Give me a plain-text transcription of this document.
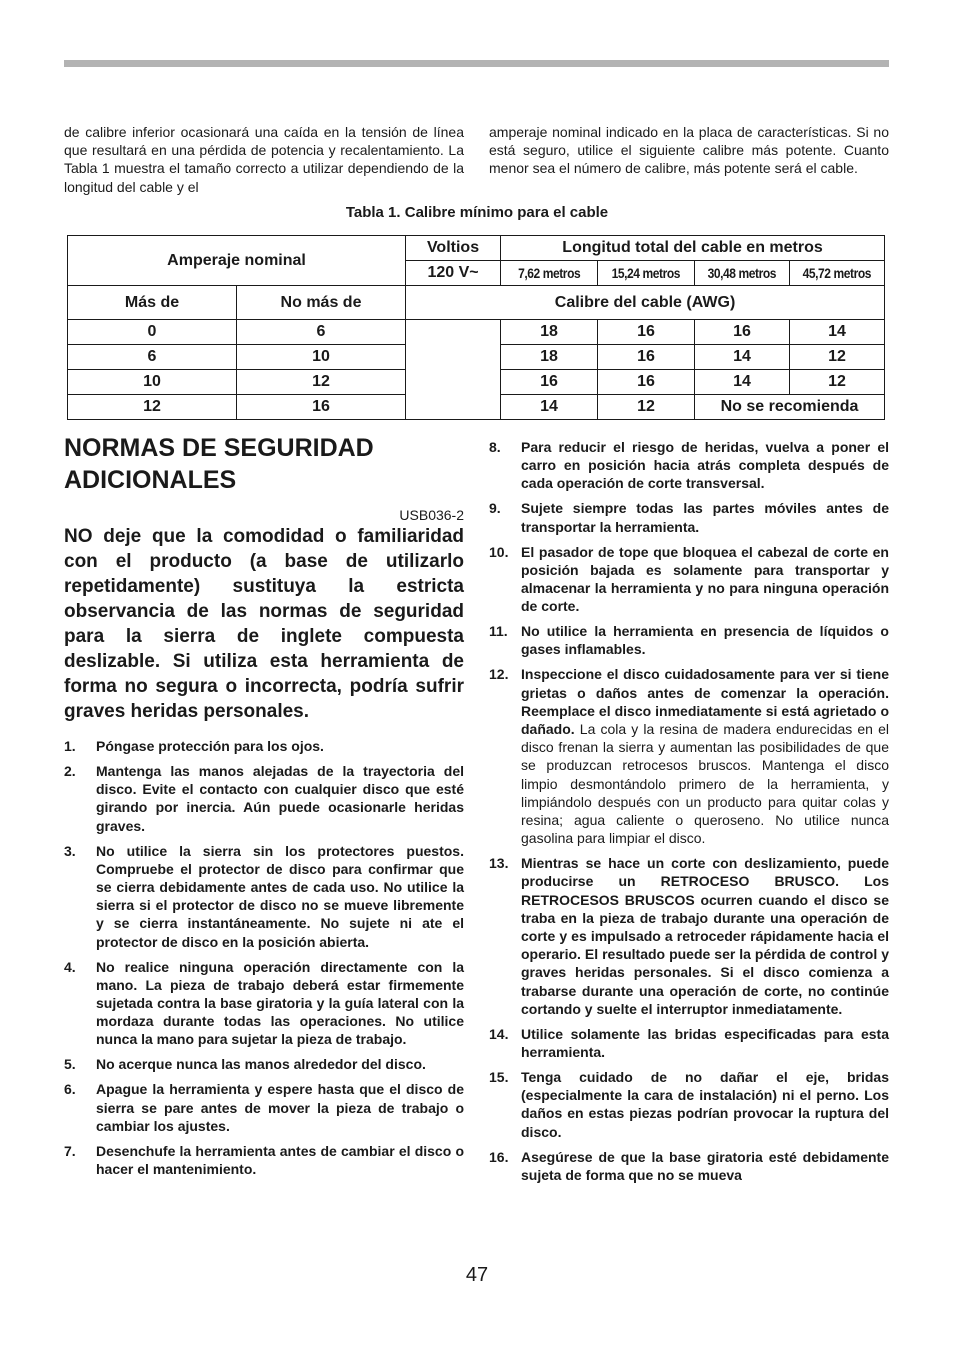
de calibre inferior ocasionará una caída en la tensión de línea que resultará en una pérdida de potencia y recalentamiento. La Tabla 1 muestra el tamaño correcto a utilizar dependiendo de la longitud del cable y el

amperaje nominal indicado en la placa de características. Si no está seguro, utilice el siguiente calibre más potente. Cuanto menor sea el número de calibre, más potente será el cable.

Tabla 1. Calibre mínimo para el cable
Amperaje nominal		Voltios	Longitud total del cable en metros			
		120 V~	7,62 metros	15,24 metros	30,48 metros	45,72 metros
Más de	No más de	Calibre del cable (AWG)				
0	6		18	16	16	14
6	10		18	16	14	12
10	12		16	16	14	12
12	16		14	12	No se recomienda	
NORMAS DE SEGURIDAD ADICIONALES
USB036-2

NO deje que la comodidad o familiaridad con el producto (a base de utilizarlo repetidamente) sustituya la estricta observancia de las normas de seguridad para la sierra de inglete compuesta deslizable. Si utiliza esta herramienta de forma no segura o incorrecta, podría sufrir graves heridas personales.

1. Póngase protección para los ojos.
2. Mantenga las manos alejadas de la trayectoria del disco. Evite el contacto con cualquier disco que esté girando por inercia. Aún puede ocasionarle heridas graves.
3. No utilice la sierra sin los protectores puestos. Compruebe el protector de disco para confirmar que se cierra debidamente antes de cada uso. No utilice la sierra si el protector de disco no se mueve libremente y se cierra instantáneamente. No sujete ni ate el protector de disco en la posición abierta.
4. No realice ninguna operación directamente con la mano. La pieza de trabajo deberá estar firmemente sujetada contra la base giratoria y la guía lateral con la mordaza durante todas las operaciones. No utilice nunca la mano para sujetar la pieza de trabajo.
5. No acerque nunca las manos alrededor del disco.
6. Apague la herramienta y espere hasta que el disco de sierra se pare antes de mover la pieza de trabajo o cambiar los ajustes.
7. Desenchufe la herramienta antes de cambiar el disco o hacer el mantenimiento.
8. Para reducir el riesgo de heridas, vuelva a poner el carro en posición hacia atrás completa después de cada operación de corte transversal.
9. Sujete siempre todas las partes móviles antes de transportar la herramienta.
10. El pasador de tope que bloquea el cabezal de corte en posición bajada es solamente para transportar y almacenar la herramienta y no para ninguna operación de corte.
11. No utilice la herramienta en presencia de líquidos o gases inflamables.
12. Inspeccione el disco cuidadosamente para ver si tiene grietas o daños antes de comenzar la operación. Reemplace el disco inmediatamente si está agrietado o dañado. La cola y la resina de madera endurecidas en el disco frenan la sierra y aumentan las posibilidades de que se produzcan retrocesos bruscos. Mantenga el disco limpio desmontándolo primero de la herramienta, y limpiándolo después con un producto para quitar colas y resina; agua caliente o queroseno. No utilice nunca gasolina para limpiar el disco.
13. Mientras se hace un corte con deslizamiento, puede producirse un RETROCESO BRUSCO. Los RETROCESOS BRUSCOS ocurren cuando el disco se traba en la pieza de trabajo durante una operación de corte y es impulsado a retroceder rápidamente hacia el operario. El resultado puede ser la pérdida de control y graves heridas personales. Si el disco comienza a trabarse durante una operación de corte, no continúe cortando y suelte el interruptor inmediatamente.
14. Utilice solamente las bridas especificadas para esta herramienta.
15. Tenga cuidado de no dañar el eje, bridas (especialmente la cara de instalación) ni el perno. Los daños en estas piezas podrían provocar la ruptura del disco.
16. Asegúrese de que la base giratoria esté debidamente sujeta de forma que no se mueva
47
